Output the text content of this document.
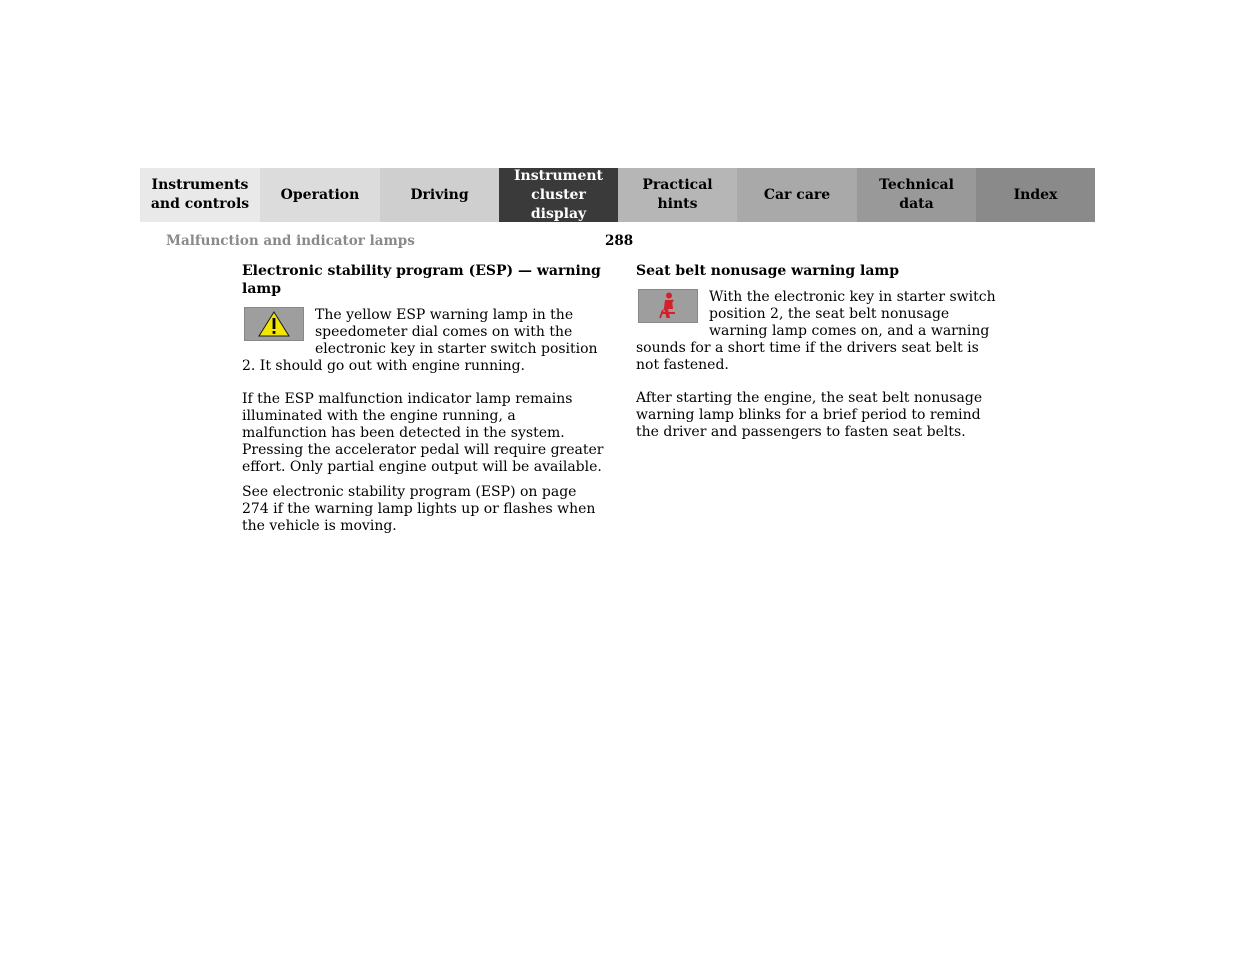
Instruments
and controls
Operation	Driving
Instrument
cluster display
Practical hints
Car care
Technical
data
Index
Malfunction and indicator lamps	288
Electronic stability program (ESP) — warning lamp

The yellow ESP warning lamp in the speedometer dial comes on with the electronic key in starter switch position 2. It should go out with engine running.

If the ESP malfunction indicator lamp remains illuminated with the engine running, a malfunction has been detected in the system. Pressing the accelerator pedal will require greater effort. Only partial engine output will be available.

See electronic stability program (ESP) on page 274 if the warning lamp lights up or flashes when the vehicle is moving.

Seat belt nonusage warning lamp

With the electronic key in starter switch position 2, the seat belt nonusage warning lamp comes on, and a warning sounds for a short time if the drivers seat belt is not fastened.

After starting the engine, the seat belt nonusage warning lamp blinks for a brief period to remind the driver and passengers to fasten seat belts.
